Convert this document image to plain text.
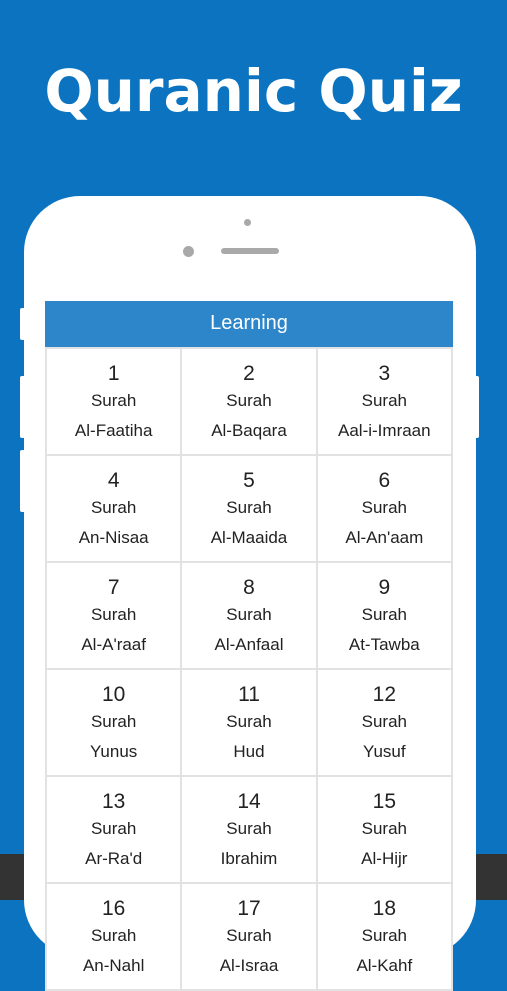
Quranic Quiz
Learning
1
Surah
Al-Faatiha
2
Surah
Al-Baqara
3
Surah
Aal-i-Imraan
4
Surah
An-Nisaa
5
Surah
Al-Maaida
6
Surah
Al-An'aam
7
Surah
Al-A'raaf
8
Surah
Al-Anfaal
9
Surah
At-Tawba
10
Surah
Yunus
11
Surah
Hud
12
Surah
Yusuf
13
Surah
Ar-Ra'd
14
Surah
Ibrahim
15
Surah
Al-Hijr
16
Surah
An-Nahl
17
Surah
Al-Israa
18
Surah
Al-Kahf
